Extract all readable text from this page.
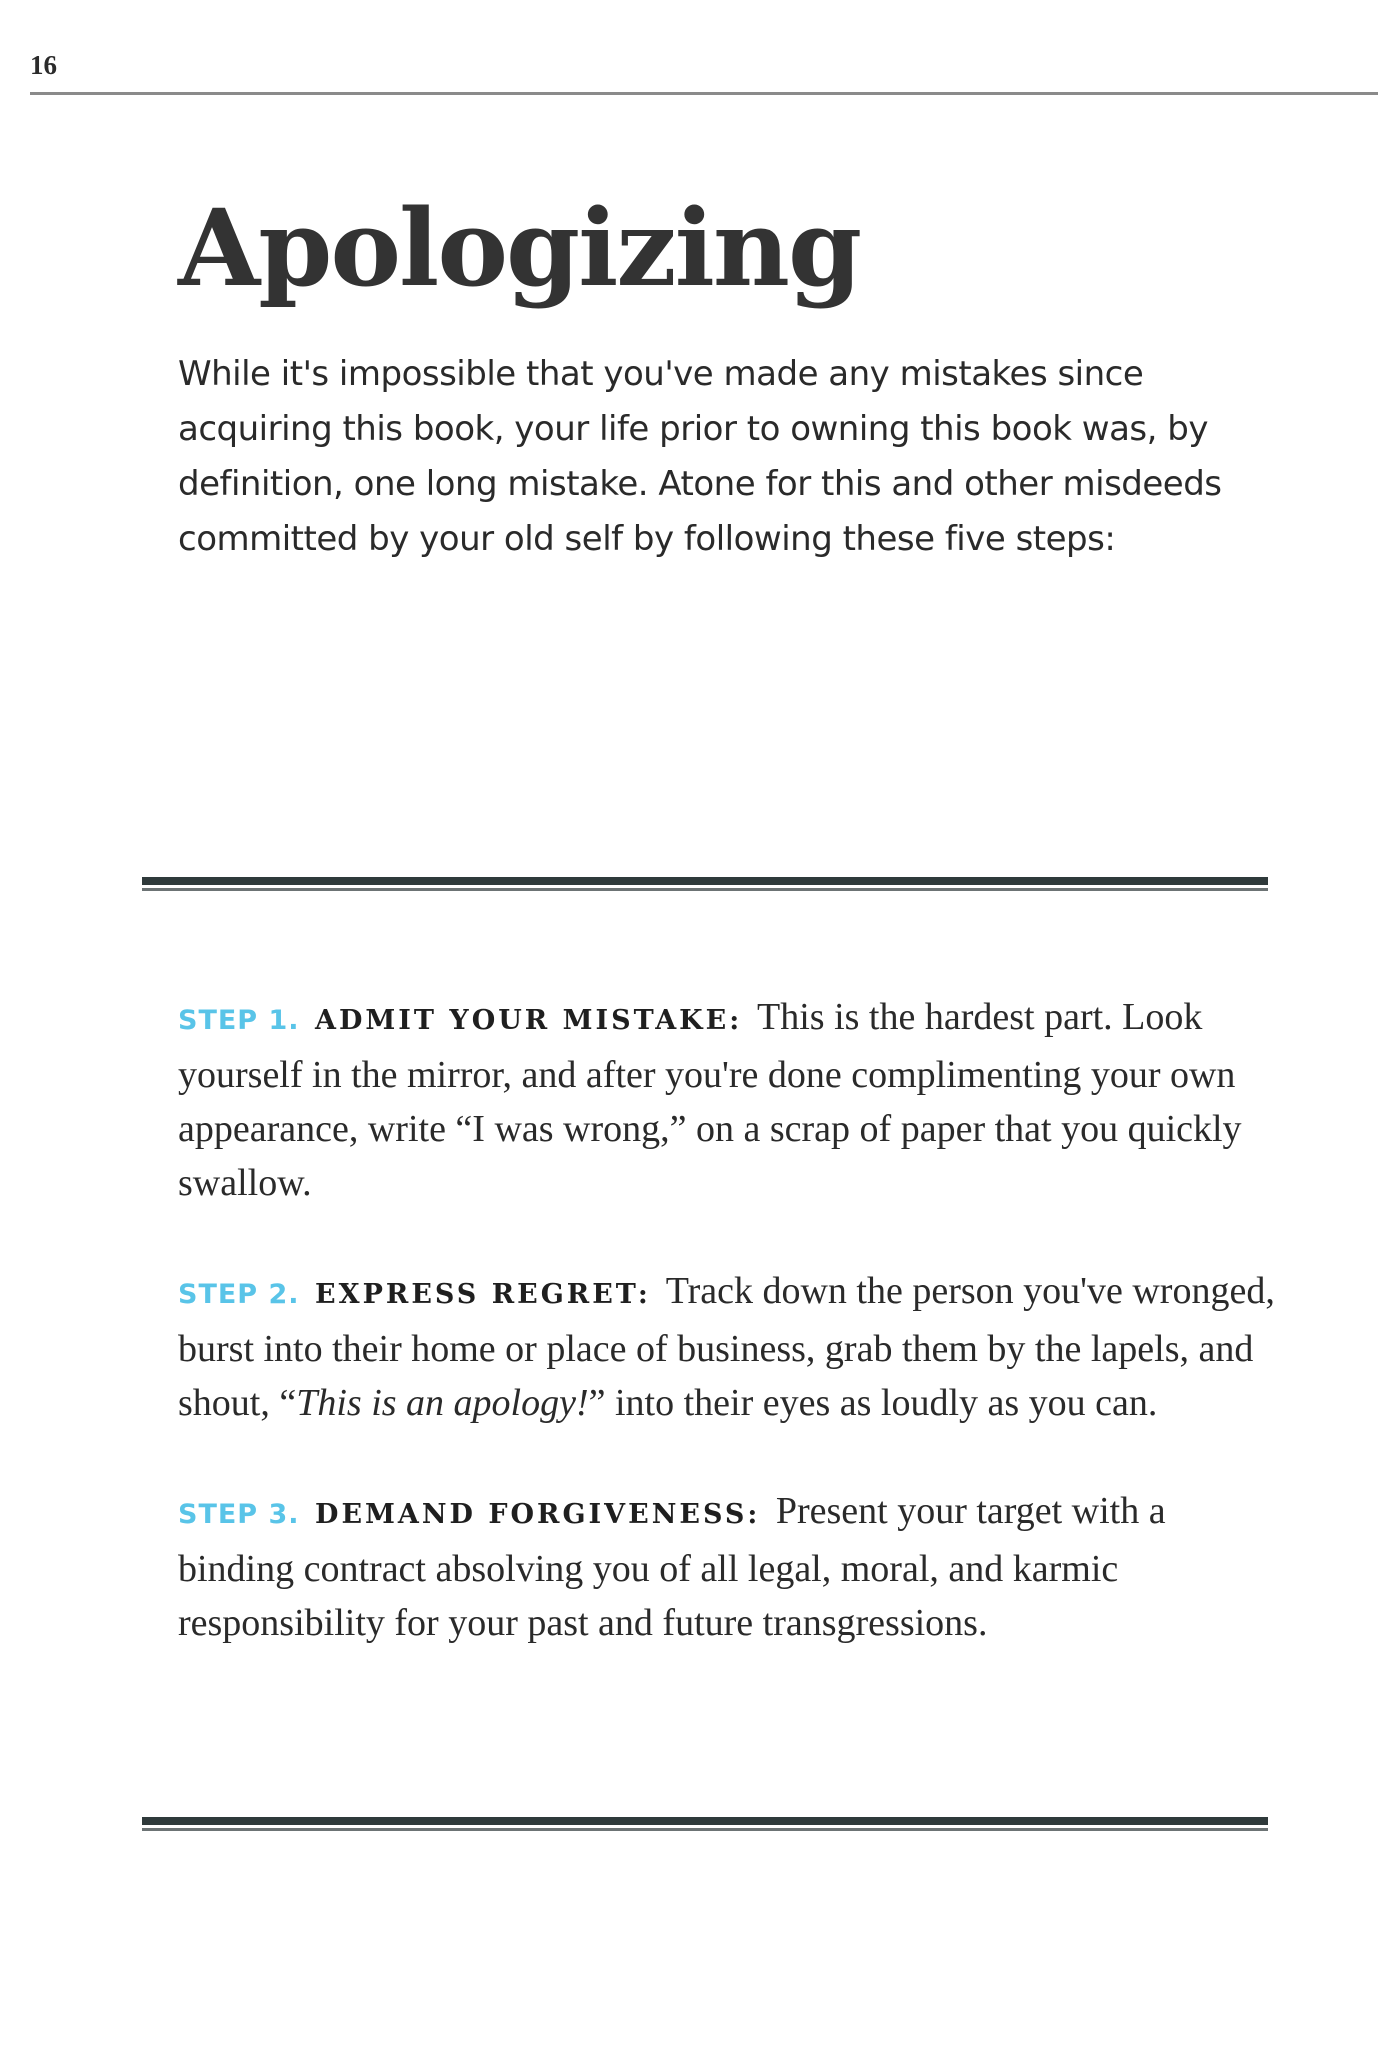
16
Apologizing

While it's impossible that you've made any mistakes since acquiring this book, your life prior to owning this book was, by definition, one long mistake. Atone for this and other misdeeds committed by your old self by following these five steps:

STEP 1. ADMIT YOUR MISTAKE: This is the hardest part. Look yourself in the mirror, and after you're done complimenting your own appearance, write “I was wrong,” on a scrap of paper that you quickly swallow.

STEP 2. EXPRESS REGRET: Track down the person you've wronged, burst into their home or place of business, grab them by the lapels, and shout, “This is an apology!” into their eyes as loudly as you can.

STEP 3. DEMAND FORGIVENESS: Present your target with a binding contract absolving you of all legal, moral, and karmic responsibility for your past and future transgressions.
